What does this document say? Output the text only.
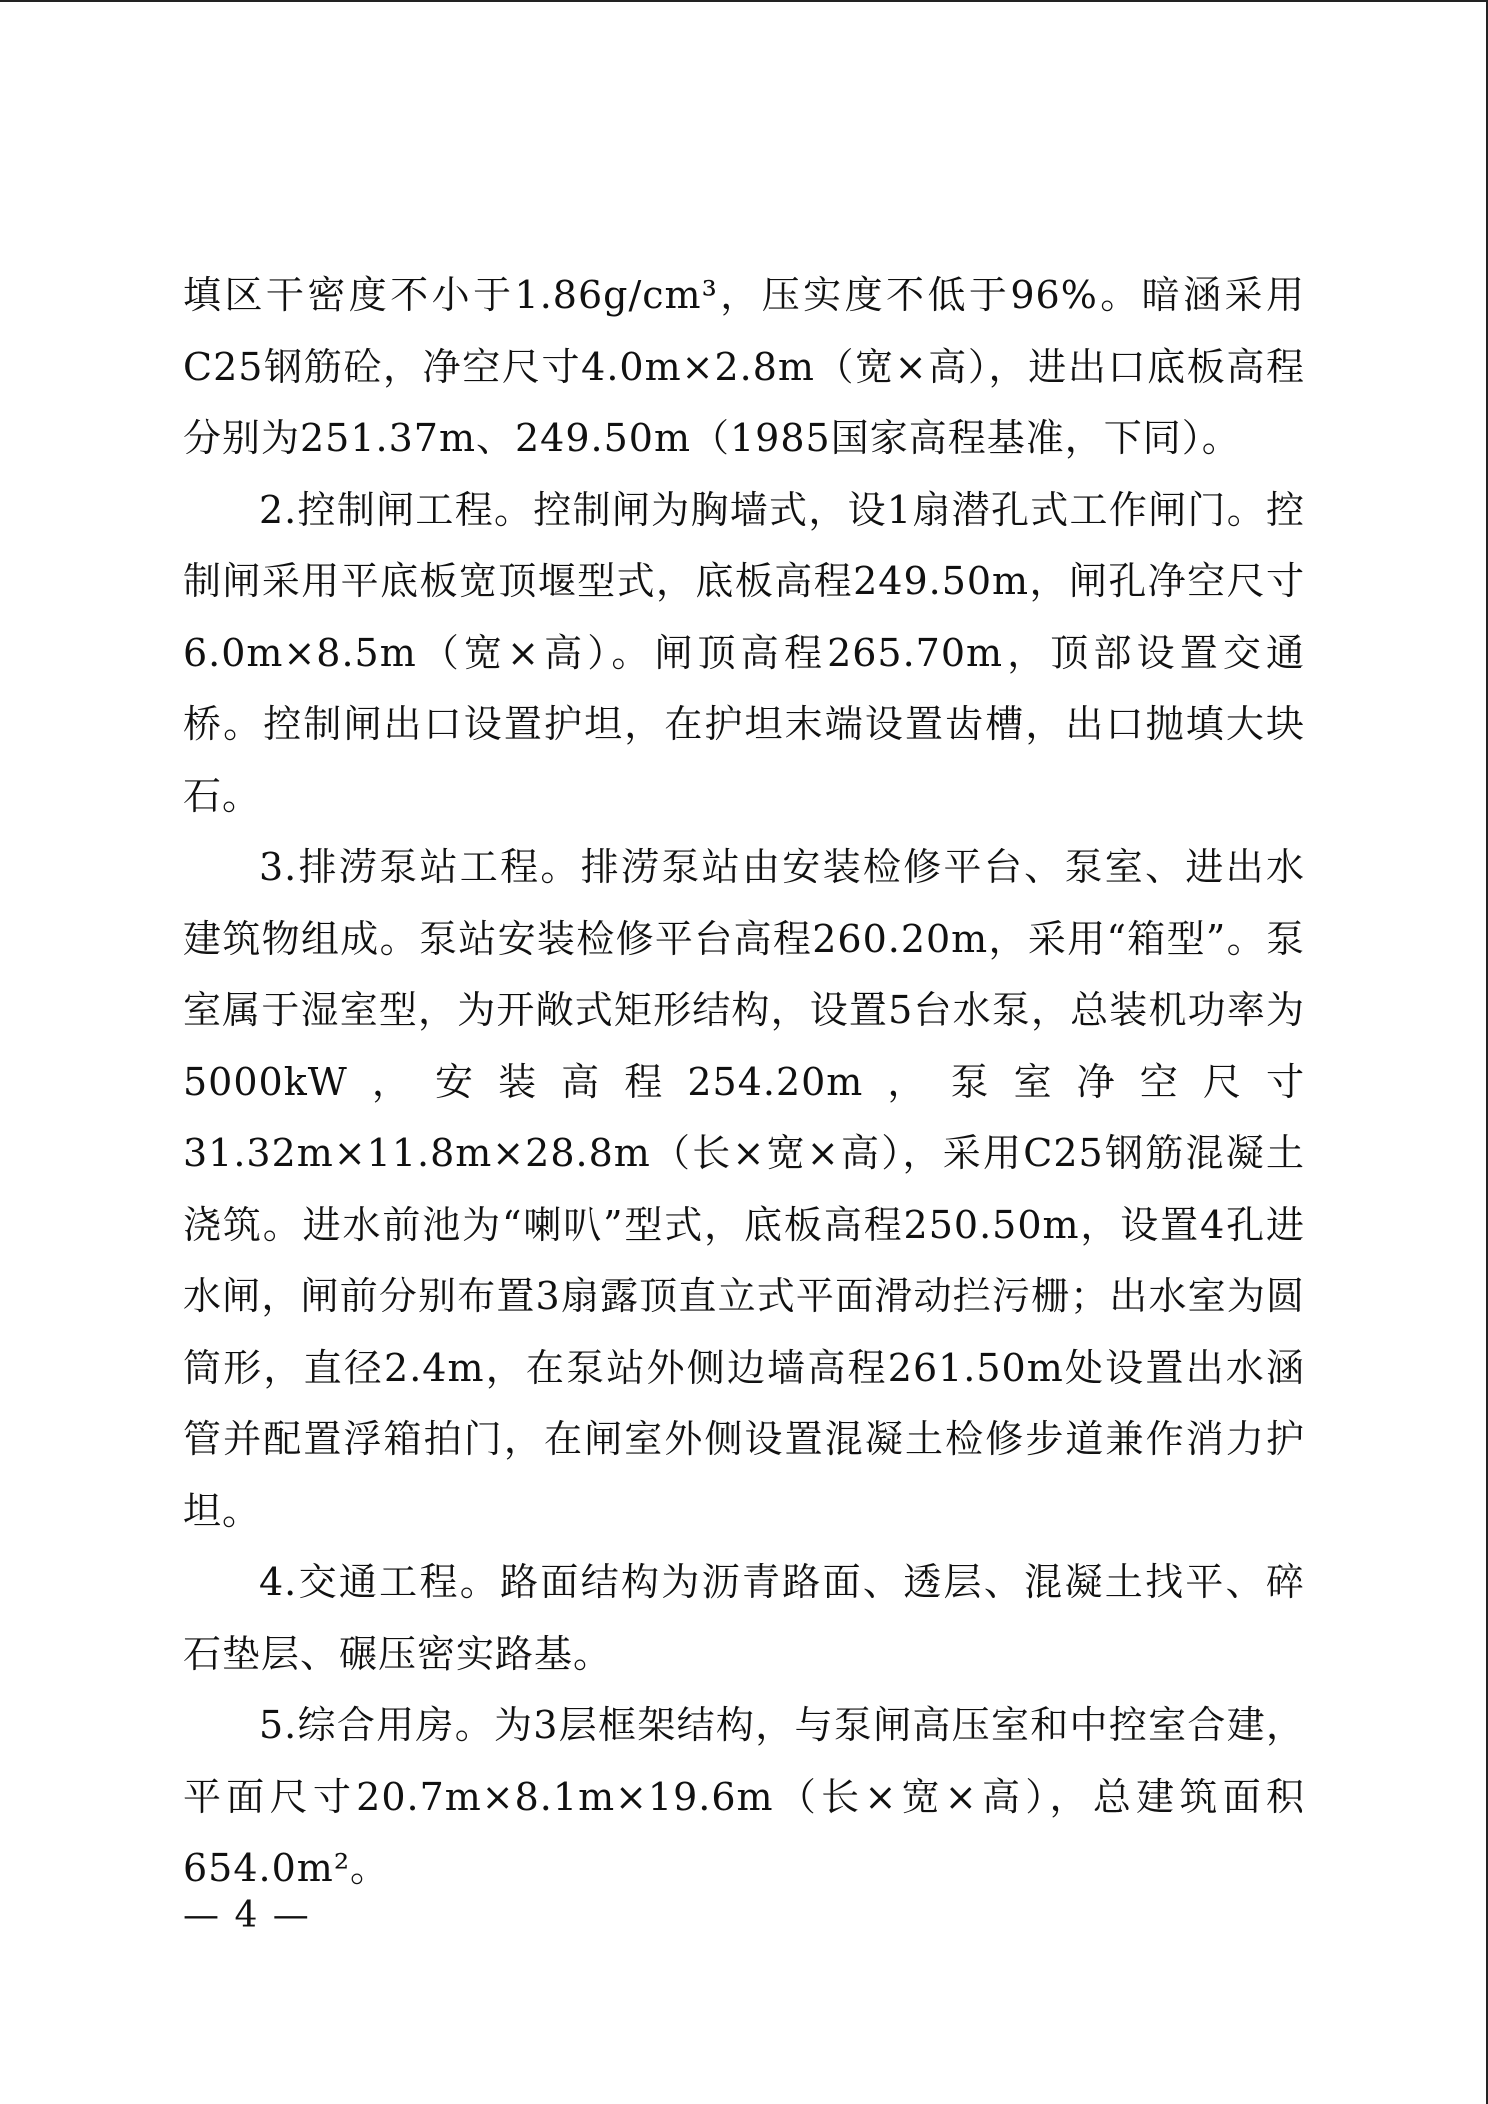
填区干密度不小于1.86g/cm³，压实度不低于96%。暗涵采用C25钢筋砼，净空尺寸4.0m×2.8m（宽×高），进出口底板高程分别为251.37m、249.50m（1985国家高程基准，下同）。

2.控制闸工程。控制闸为胸墙式，设1扇潜孔式工作闸门。控制闸采用平底板宽顶堰型式，底板高程249.50m，闸孔净空尺寸6.0m×8.5m（宽×高）。闸顶高程265.70m，顶部设置交通桥。控制闸出口设置护坦，在护坦末端设置齿槽，出口抛填大块石。

3.排涝泵站工程。排涝泵站由安装检修平台、泵室、进出水建筑物组成。泵站安装检修平台高程260.20m，采用“箱型”。泵室属于湿室型，为开敞式矩形结构，设置5台水泵，总装机功率为5000kW，安装高程254.20m，泵室净空尺寸31.32m×11.8m×28.8m（长×宽×高），采用C25钢筋混凝土浇筑。进水前池为“喇叭”型式，底板高程250.50m，设置4孔进水闸，闸前分别布置3扇露顶直立式平面滑动拦污栅；出水室为圆筒形，直径2.4m，在泵站外侧边墙高程261.50m处设置出水涵管并配置浮箱拍门，在闸室外侧设置混凝土检修步道兼作消力护坦。

4.交通工程。路面结构为沥青路面、透层、混凝土找平、碎石垫层、碾压密实路基。

5.综合用房。为3层框架结构，与泵闸高压室和中控室合建，平面尺寸20.7m×8.1m×19.6m（长×宽×高），总建筑面积654.0m²。

— 4 —
